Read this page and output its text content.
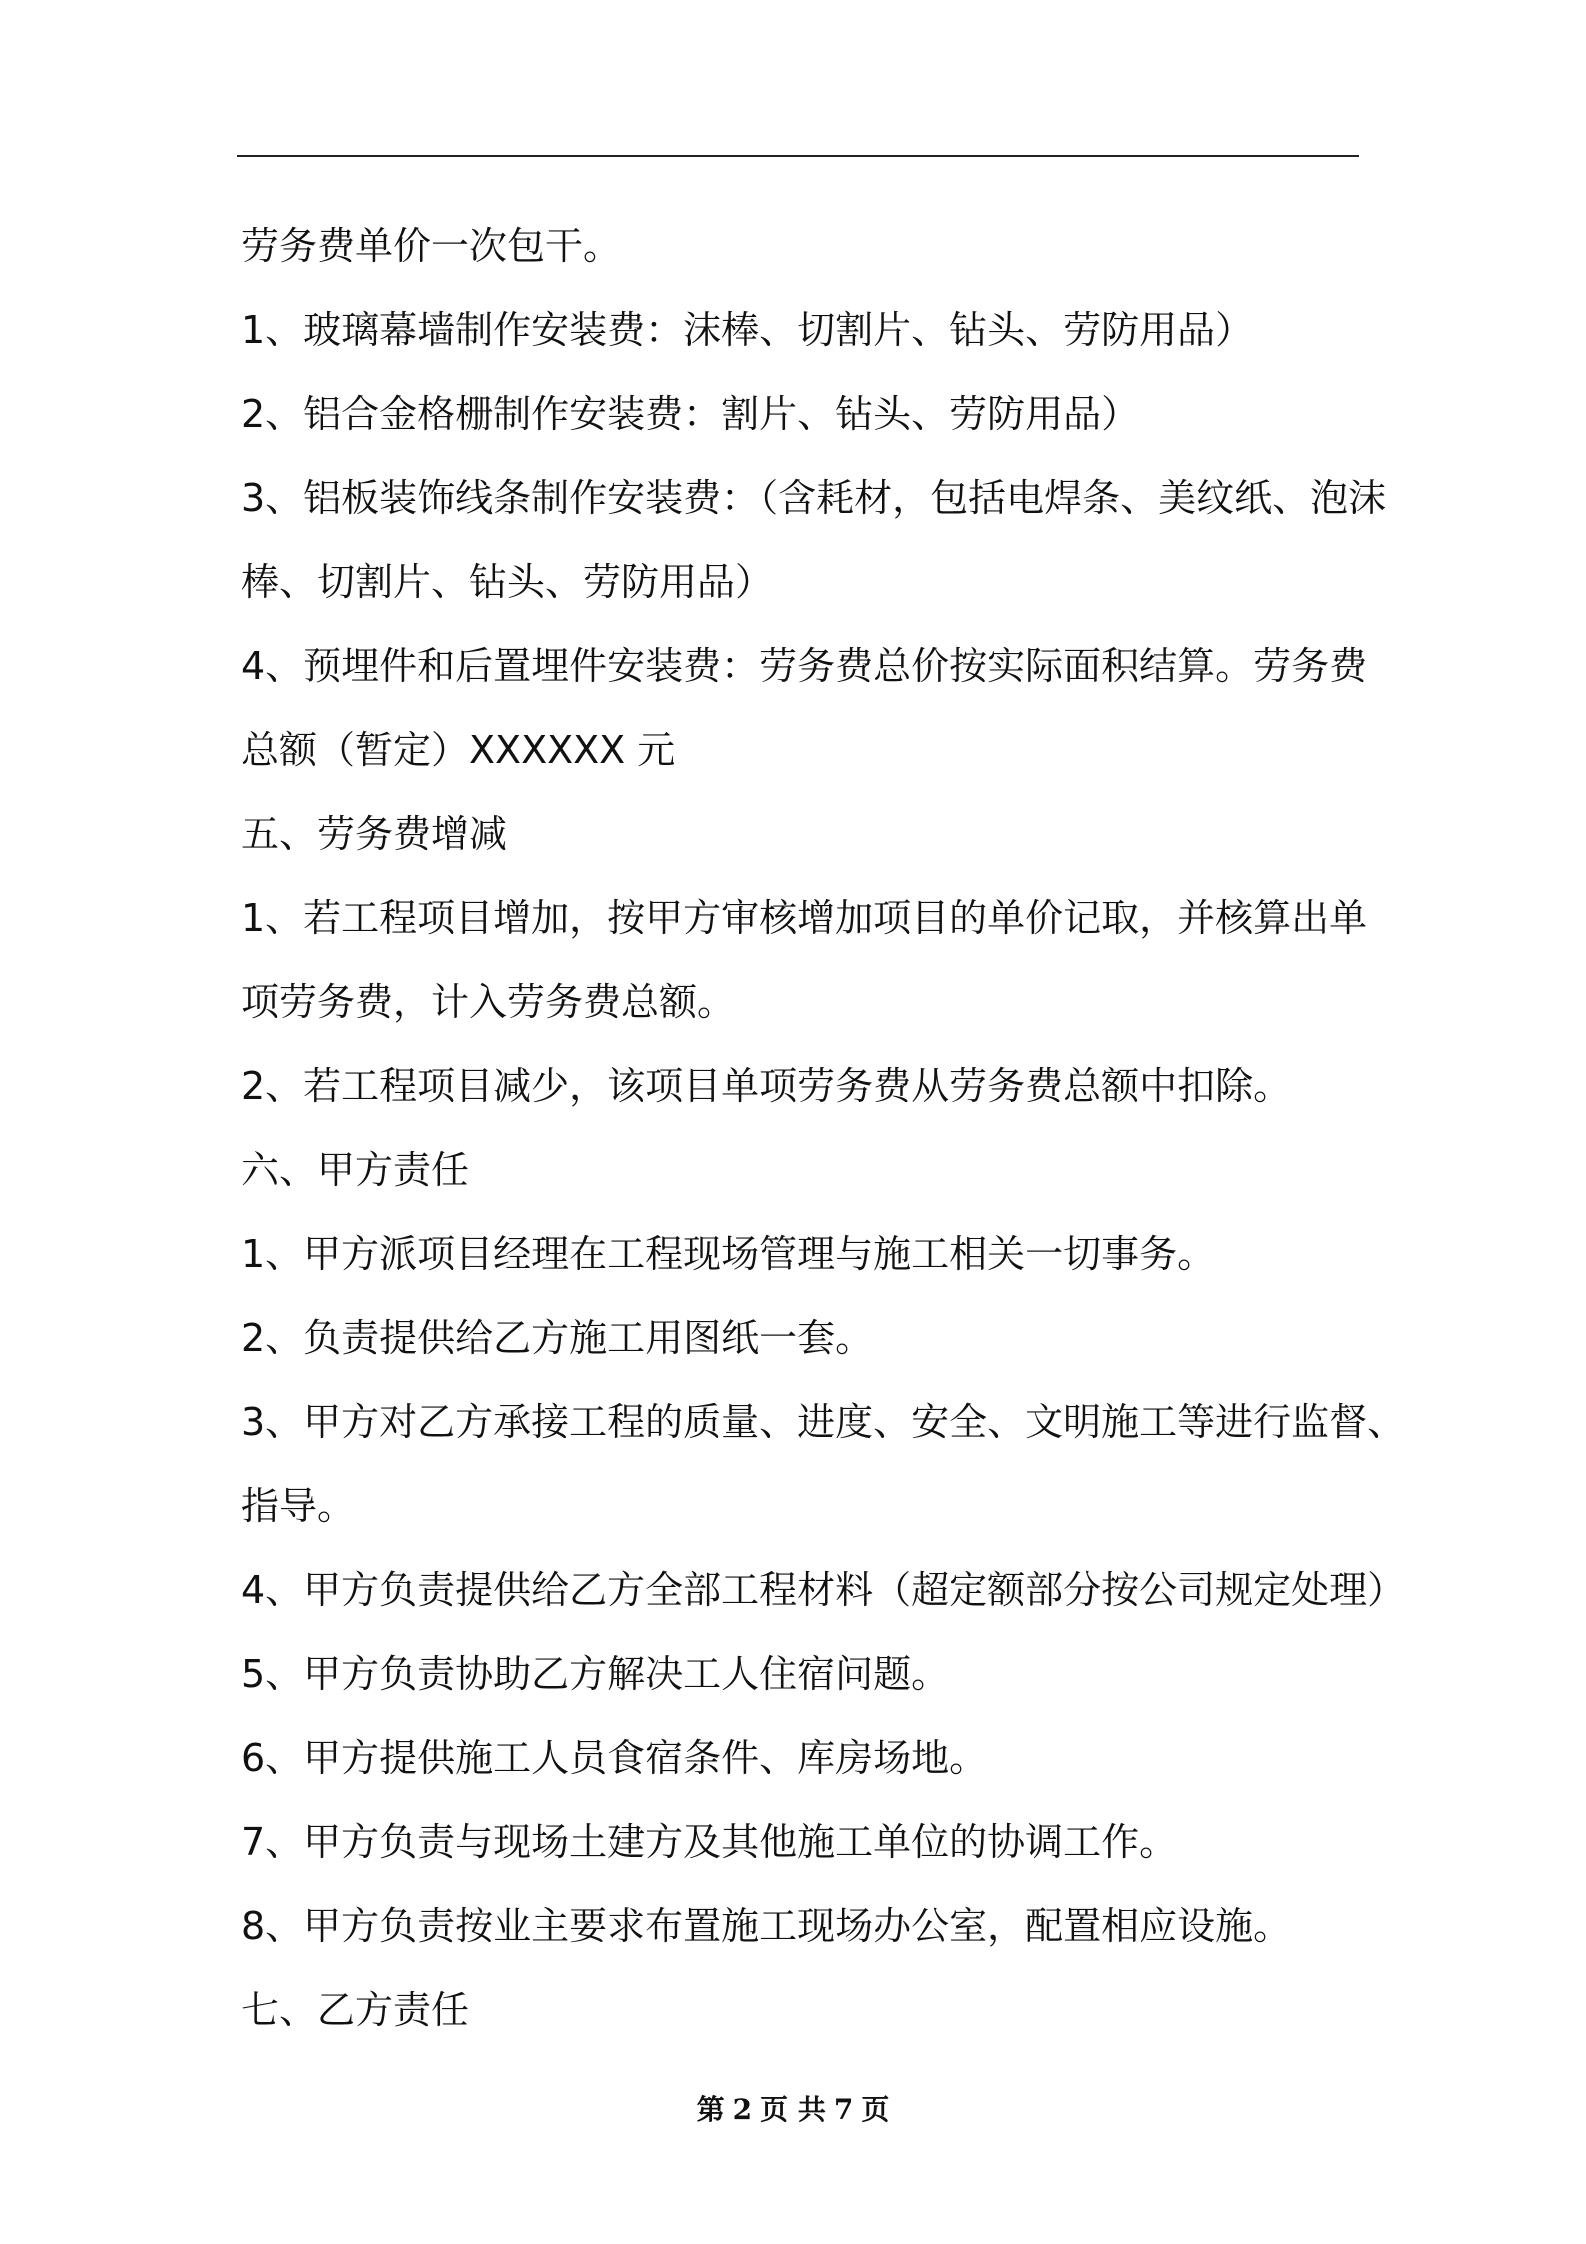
劳务费单价一次包干。
1、玻璃幕墙制作安装费：沫棒、切割片、钻头、劳防用品）
2、铝合金格栅制作安装费：割片、钻头、劳防用品）
3、铝板装饰线条制作安装费：（含耗材，包括电焊条、美纹纸、泡沫
棒、切割片、钻头、劳防用品）
4、预埋件和后置埋件安装费：劳务费总价按实际面积结算。劳务费
总额（暂定）XXXXXX 元
五、劳务费增减
1、若工程项目增加，按甲方审核增加项目的单价记取，并核算出单
项劳务费，计入劳务费总额。
2、若工程项目减少，该项目单项劳务费从劳务费总额中扣除。
六、甲方责任
1、甲方派项目经理在工程现场管理与施工相关一切事务。
2、负责提供给乙方施工用图纸一套。
3、甲方对乙方承接工程的质量、进度、安全、文明施工等进行监督、
指导。
4、甲方负责提供给乙方全部工程材料（超定额部分按公司规定处理）
5、甲方负责协助乙方解决工人住宿问题。
6、甲方提供施工人员食宿条件、库房场地。
7、甲方负责与现场土建方及其他施工单位的协调工作。
8、甲方负责按业主要求布置施工现场办公室，配置相应设施。
七、乙方责任
第 2 页 共 7 页
